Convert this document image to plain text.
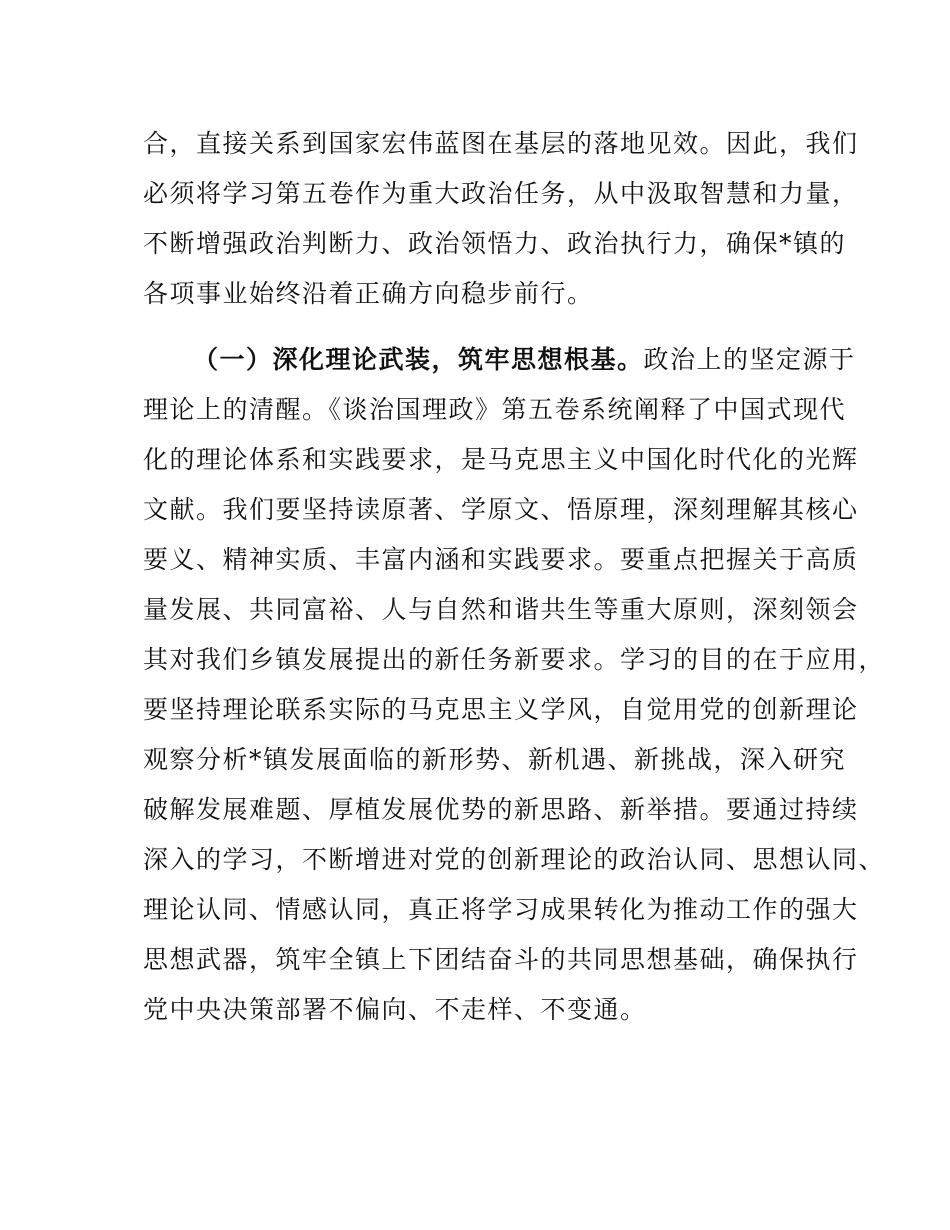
合，直接关系到国家宏伟蓝图在基层的落地见效。因此，我们
必须将学习第五卷作为重大政治任务，从中汲取智慧和力量，
不断增强政治判断力、政治领悟力、政治执行力，确保*镇的
各项事业始终沿着正确方向稳步前行。
（一）深化理论武装，筑牢思想根基。政治上的坚定源于
理论上的清醒。《谈治国理政》第五卷系统阐释了中国式现代
化的理论体系和实践要求，是马克思主义中国化时代化的光辉
文献。我们要坚持读原著、学原文、悟原理，深刻理解其核心
要义、精神实质、丰富内涵和实践要求。要重点把握关于高质
量发展、共同富裕、人与自然和谐共生等重大原则，深刻领会
其对我们乡镇发展提出的新任务新要求。学习的目的在于应用，
要坚持理论联系实际的马克思主义学风，自觉用党的创新理论
观察分析*镇发展面临的新形势、新机遇、新挑战，深入研究
破解发展难题、厚植发展优势的新思路、新举措。要通过持续
深入的学习，不断增进对党的创新理论的政治认同、思想认同、
理论认同、情感认同，真正将学习成果转化为推动工作的强大
思想武器，筑牢全镇上下团结奋斗的共同思想基础，确保执行
党中央决策部署不偏向、不走样、不变通。
